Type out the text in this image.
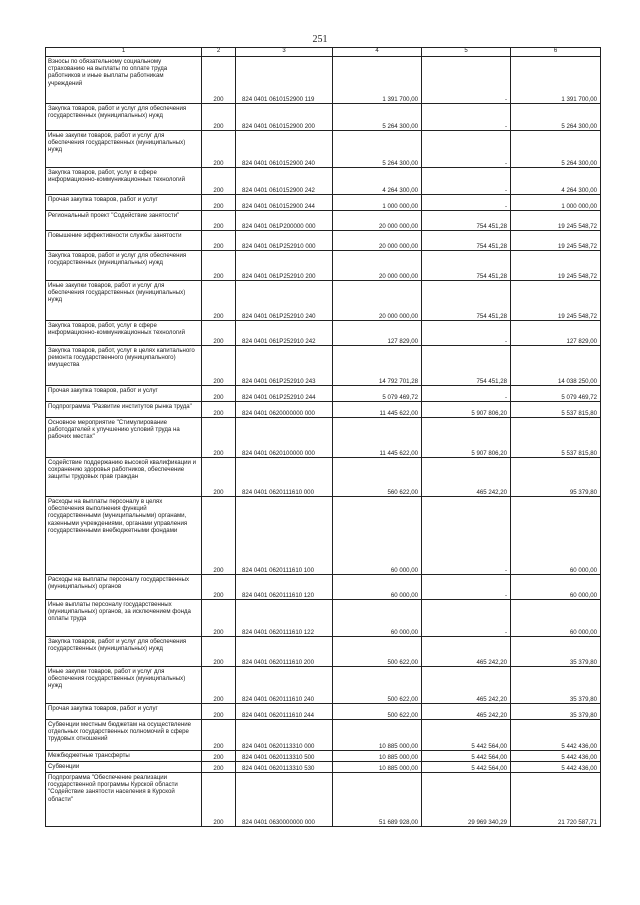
251
1	2	3	4	5	6
Взносы по обязательному социальному страхованию на выплаты по оплате труда работников и иные выплаты работникам учреждений	200	824 0401 0610152900 119	1 391 700,00	-	1 391 700,00
Закупка товаров, работ и услуг для обеспечения государственных (муниципальных) нужд	200	824 0401 0610152900 200	5 264 300,00	-	5 264 300,00
Иные закупки товаров, работ и услуг для обеспечения государственных (муниципальных) нужд	200	824 0401 0610152900 240	5 264 300,00	-	5 264 300,00
Закупка товаров, работ, услуг в сфере информационно-коммуникационных технологий	200	824 0401 0610152900 242	4 264 300,00	-	4 264 300,00
Прочая закупка товаров, работ и услуг	200	824 0401 0610152900 244	1 000 000,00	-	1 000 000,00
Региональный проект "Содействие занятости"	200	824 0401 061P200000 000	20 000 000,00	754 451,28	19 245 548,72
Повышение эффективности службы занятости	200	824 0401 061P252910 000	20 000 000,00	754 451,28	19 245 548,72
Закупка товаров, работ и услуг для обеспечения государственных (муниципальных) нужд	200	824 0401 061P252910 200	20 000 000,00	754 451,28	19 245 548,72
Иные закупки товаров, работ и услуг для обеспечения государственных (муниципальных) нужд	200	824 0401 061P252910 240	20 000 000,00	754 451,28	19 245 548,72
Закупка товаров, работ, услуг в сфере информационно-коммуникационных технологий	200	824 0401 061P252910 242	127 829,00	-	127 829,00
Закупка товаров, работ, услуг в целях капитального ремонта государственного (муниципального) имущества	200	824 0401 061P252910 243	14 792 701,28	754 451,28	14 038 250,00
Прочая закупка товаров, работ и услуг	200	824 0401 061P252910 244	5 079 469,72	-	5 079 469,72
Подпрограмма "Развитие институтов рынка труда"	200	824 0401 0620000000 000	11 445 622,00	5 907 806,20	5 537 815,80
Основное мероприятие "Стимулирование работодателей к улучшению условий труда на рабочих местах"	200	824 0401 0620100000 000	11 445 622,00	5 907 806,20	5 537 815,80
Содействие поддержанию высокой квалификации и сохранению здоровья работников, обеспечение защиты трудовых прав граждан	200	824 0401 0620111610 000	560 622,00	465 242,20	95 379,80
Расходы на выплаты персоналу в целях обеспечения выполнения функций государственными (муниципальными) органами, казенными учреждениями, органами управления государственными внебюджетными фондами	200	824 0401 0620111610 100	60 000,00	-	60 000,00
Расходы на выплаты персоналу государственных (муниципальных) органов	200	824 0401 0620111610 120	60 000,00	-	60 000,00
Иные выплаты персоналу государственных (муниципальных) органов, за исключением фонда оплаты труда	200	824 0401 0620111610 122	60 000,00	-	60 000,00
Закупка товаров, работ и услуг для обеспечения государственных (муниципальных) нужд	200	824 0401 0620111610 200	500 622,00	465 242,20	35 379,80
Иные закупки товаров, работ и услуг для обеспечения государственных (муниципальных) нужд	200	824 0401 0620111610 240	500 622,00	465 242,20	35 379,80
Прочая закупка товаров, работ и услуг	200	824 0401 0620111610 244	500 622,00	465 242,20	35 379,80
Субвенции местным бюджетам на осуществление отдельных государственных полномочий в сфере трудовых отношений	200	824 0401 0620113310 000	10 885 000,00	5 442 564,00	5 442 436,00
Межбюджетные трансферты	200	824 0401 0620113310 500	10 885 000,00	5 442 564,00	5 442 436,00
Субвенции	200	824 0401 0620113310 530	10 885 000,00	5 442 564,00	5 442 436,00
Подпрограмма "Обеспечение реализации государственной программы Курской области "Содействие занятости населения в Курской области"	200	824 0401 0630000000 000	51 689 928,00	29 969 340,29	21 720 587,71
